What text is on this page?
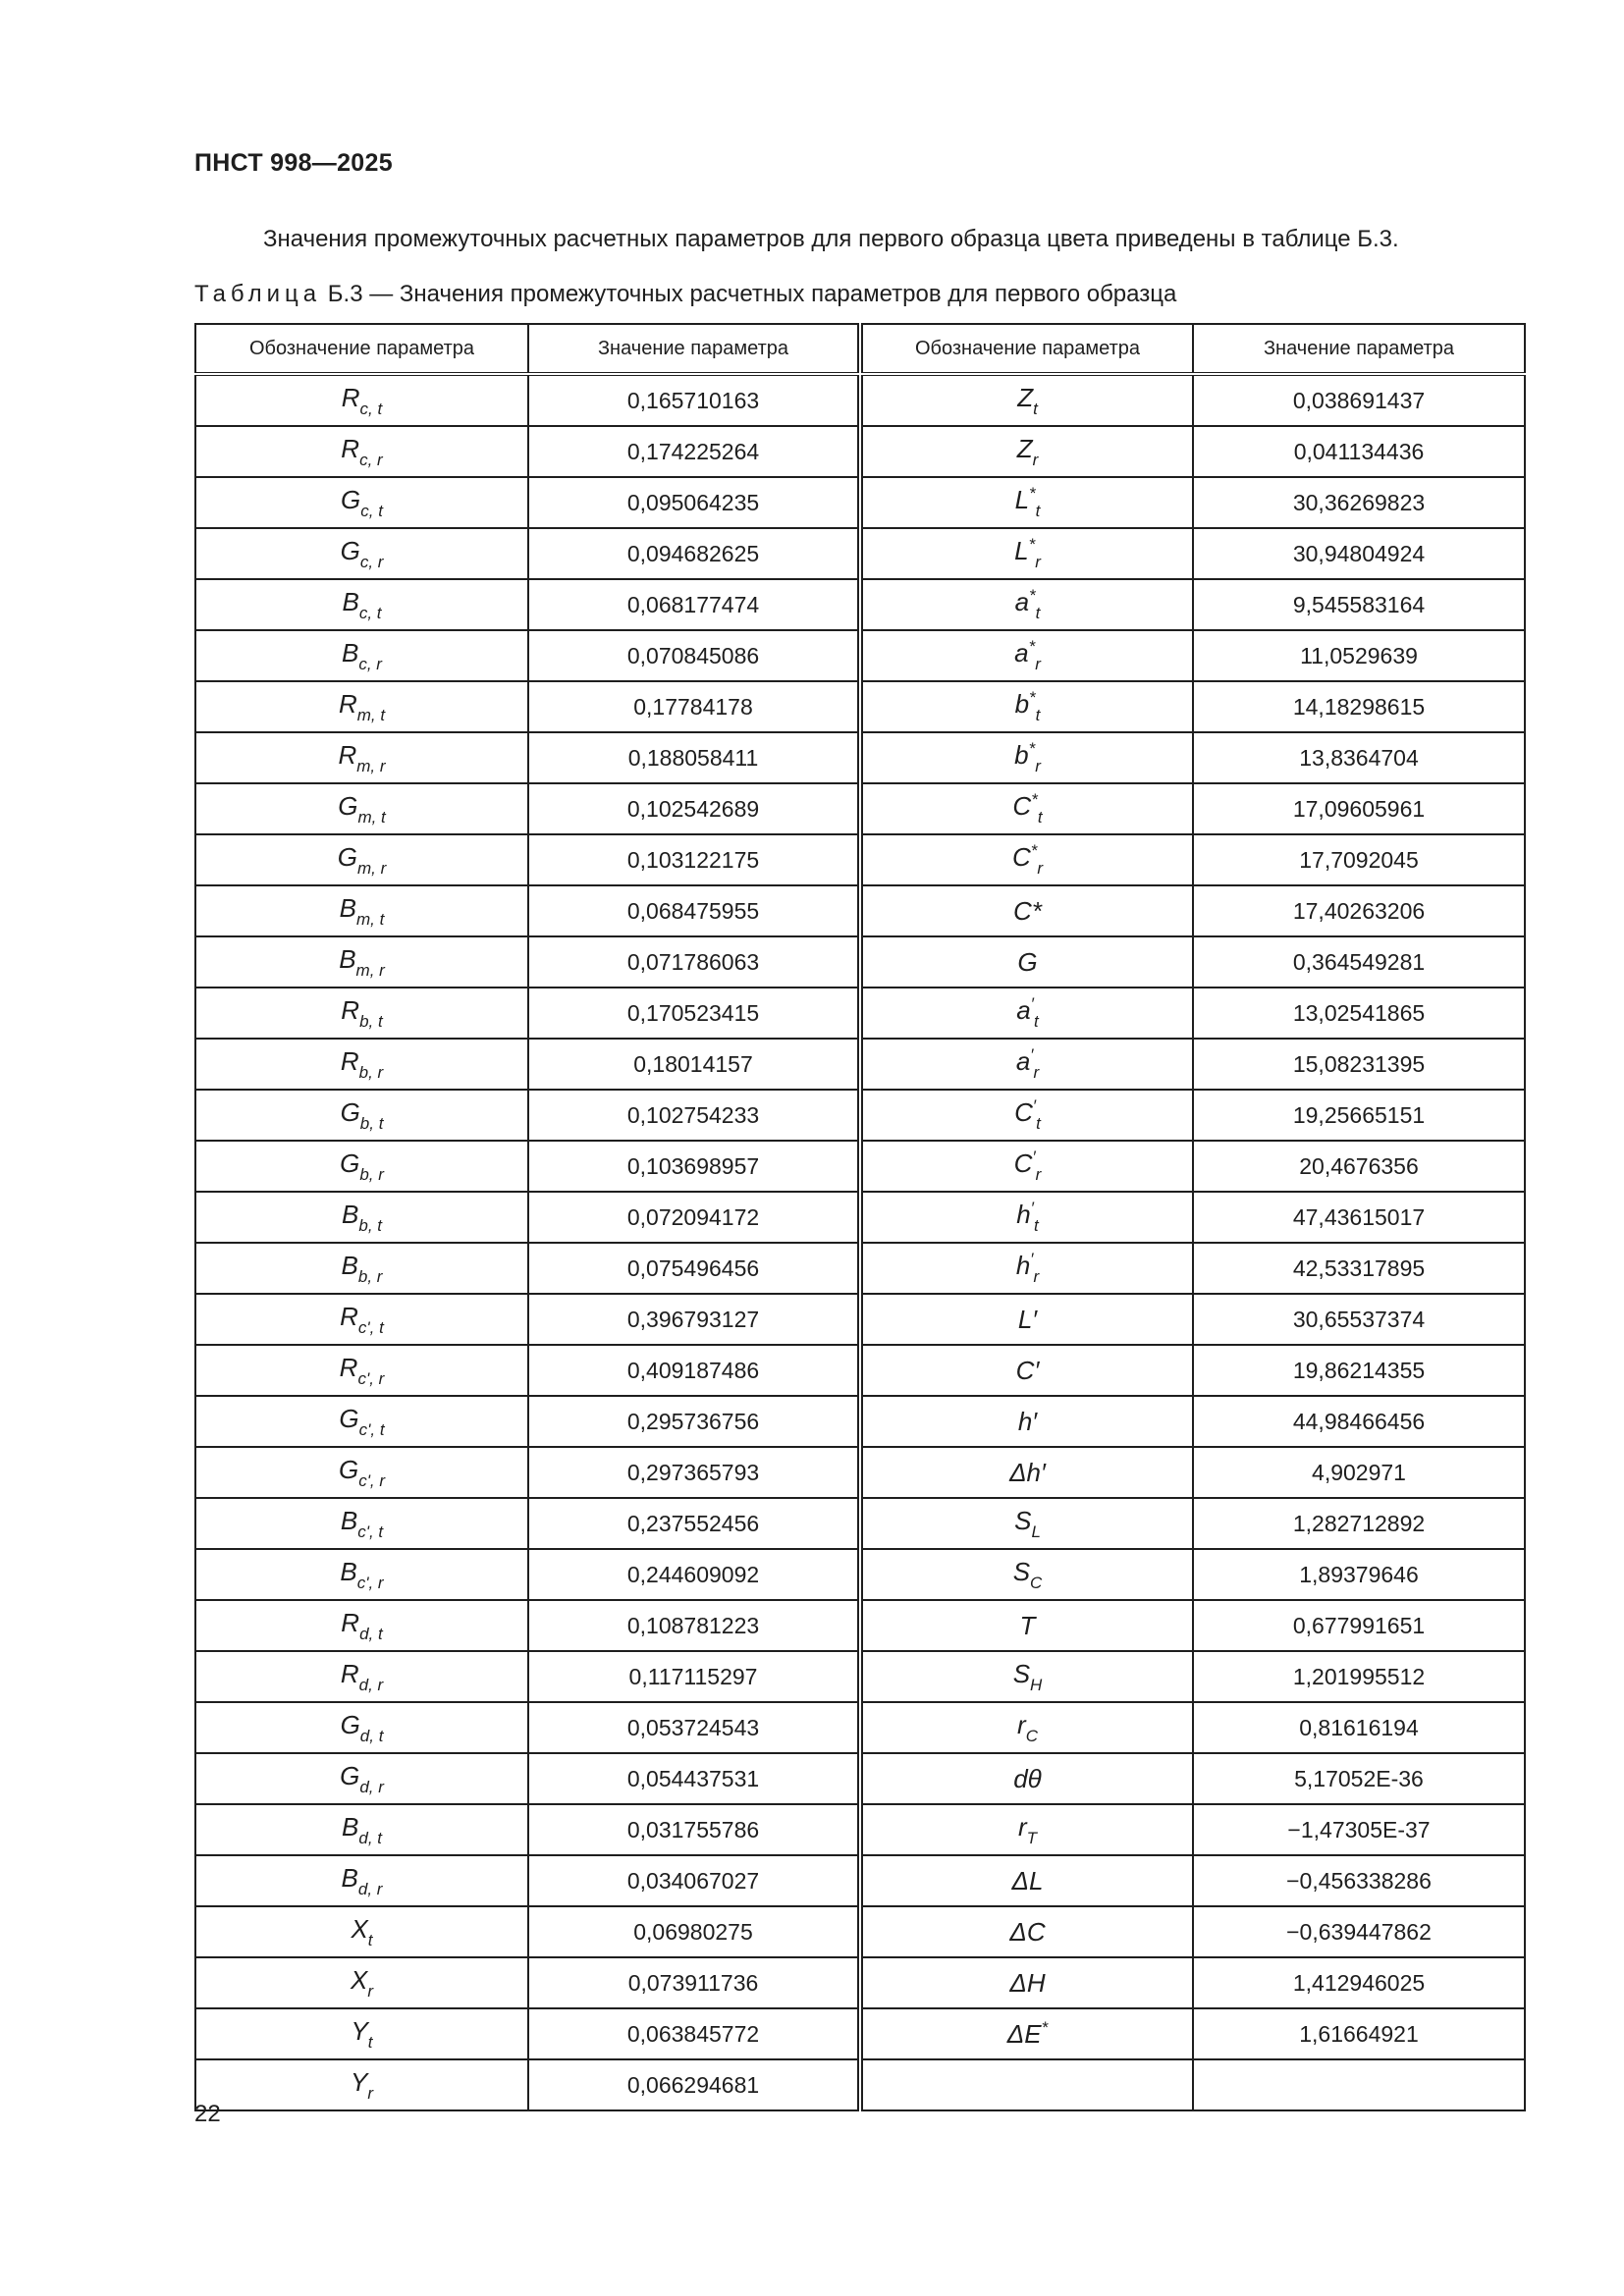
ПНСТ 998—2025
Значения промежуточных расчетных параметров для первого образца цвета приведены в таблице Б.3.
Таблица Б.3 — Значения промежуточных расчетных параметров для первого образца
Обозначение параметра	Значение параметра
$R_{c, t}$	0,165710163
$R_{c, r}$	0,174225264
$G_{c, t}$	0,095064235
$G_{c, r}$	0,094682625
$B_{c, t}$	0,068177474
$B_{c, r}$	0,070845086
$R_{m, t}$	0,17784178
$R_{m, r}$	0,188058411
$G_{m, t}$	0,102542689
$G_{m, r}$	0,103122175
$B_{m, t}$	0,068475955
$B_{m, r}$	0,071786063
$R_{b, t}$	0,170523415
$R_{b, r}$	0,18014157
$G_{b, t}$	0,102754233
$G_{b, r}$	0,103698957
$B_{b, t}$	0,072094172
$B_{b, r}$	0,075496456
$R_{c', t}$	0,396793127
$R_{c', r}$	0,409187486
$G_{c', t}$	0,295736756
$G_{c', r}$	0,297365793
$B_{c', t}$	0,237552456
$B_{c', r}$	0,244609092
$R_{d, t}$	0,108781223
$R_{d, r}$	0,117115297
$G_{d, t}$	0,053724543
$G_{d, r}$	0,054437531
$B_{d, t}$	0,031755786
$B_{d, r}$	0,034067027
$X_t$	0,06980275
$X_r$	0,073911736
$Y_t$	0,063845772
$Y_r$	0,066294681
Обозначение параметра	Значение параметра
$Z_t$	0,038691437
$Z_r$	0,041134436
$L^*_t$	30,36269823
$L^*_r$	30,94804924
$a^*_t$	9,545583164
$a^*_r$	11,0529639
$b^*_t$	14,18298615
$b^*_r$	13,8364704
$C^*_t$	17,09605961
$C^*_r$	17,7092045
C*	17,40263206
G	0,364549281
$a'_t$	13,02541865
$a'_r$	15,08231395
$C'_t$	19,25665151
$C'_r$	20,4676356
$h'_t$	47,43615017
$h'_r$	42,53317895
L′	30,65537374
C′	19,86214355
h′	44,98466456
Δh′	4,902971
$S_L$	1,282712892
$S_C$	1,89379646
T	0,677991651
$S_H$	1,201995512
$r_C$	0,81616194
dθ	5,17052E-36
$r_T$	−1,47305E-37
ΔL	−0,456338286
ΔC	−0,639447862
ΔH	1,412946025
ΔE*	1,61664921

22
